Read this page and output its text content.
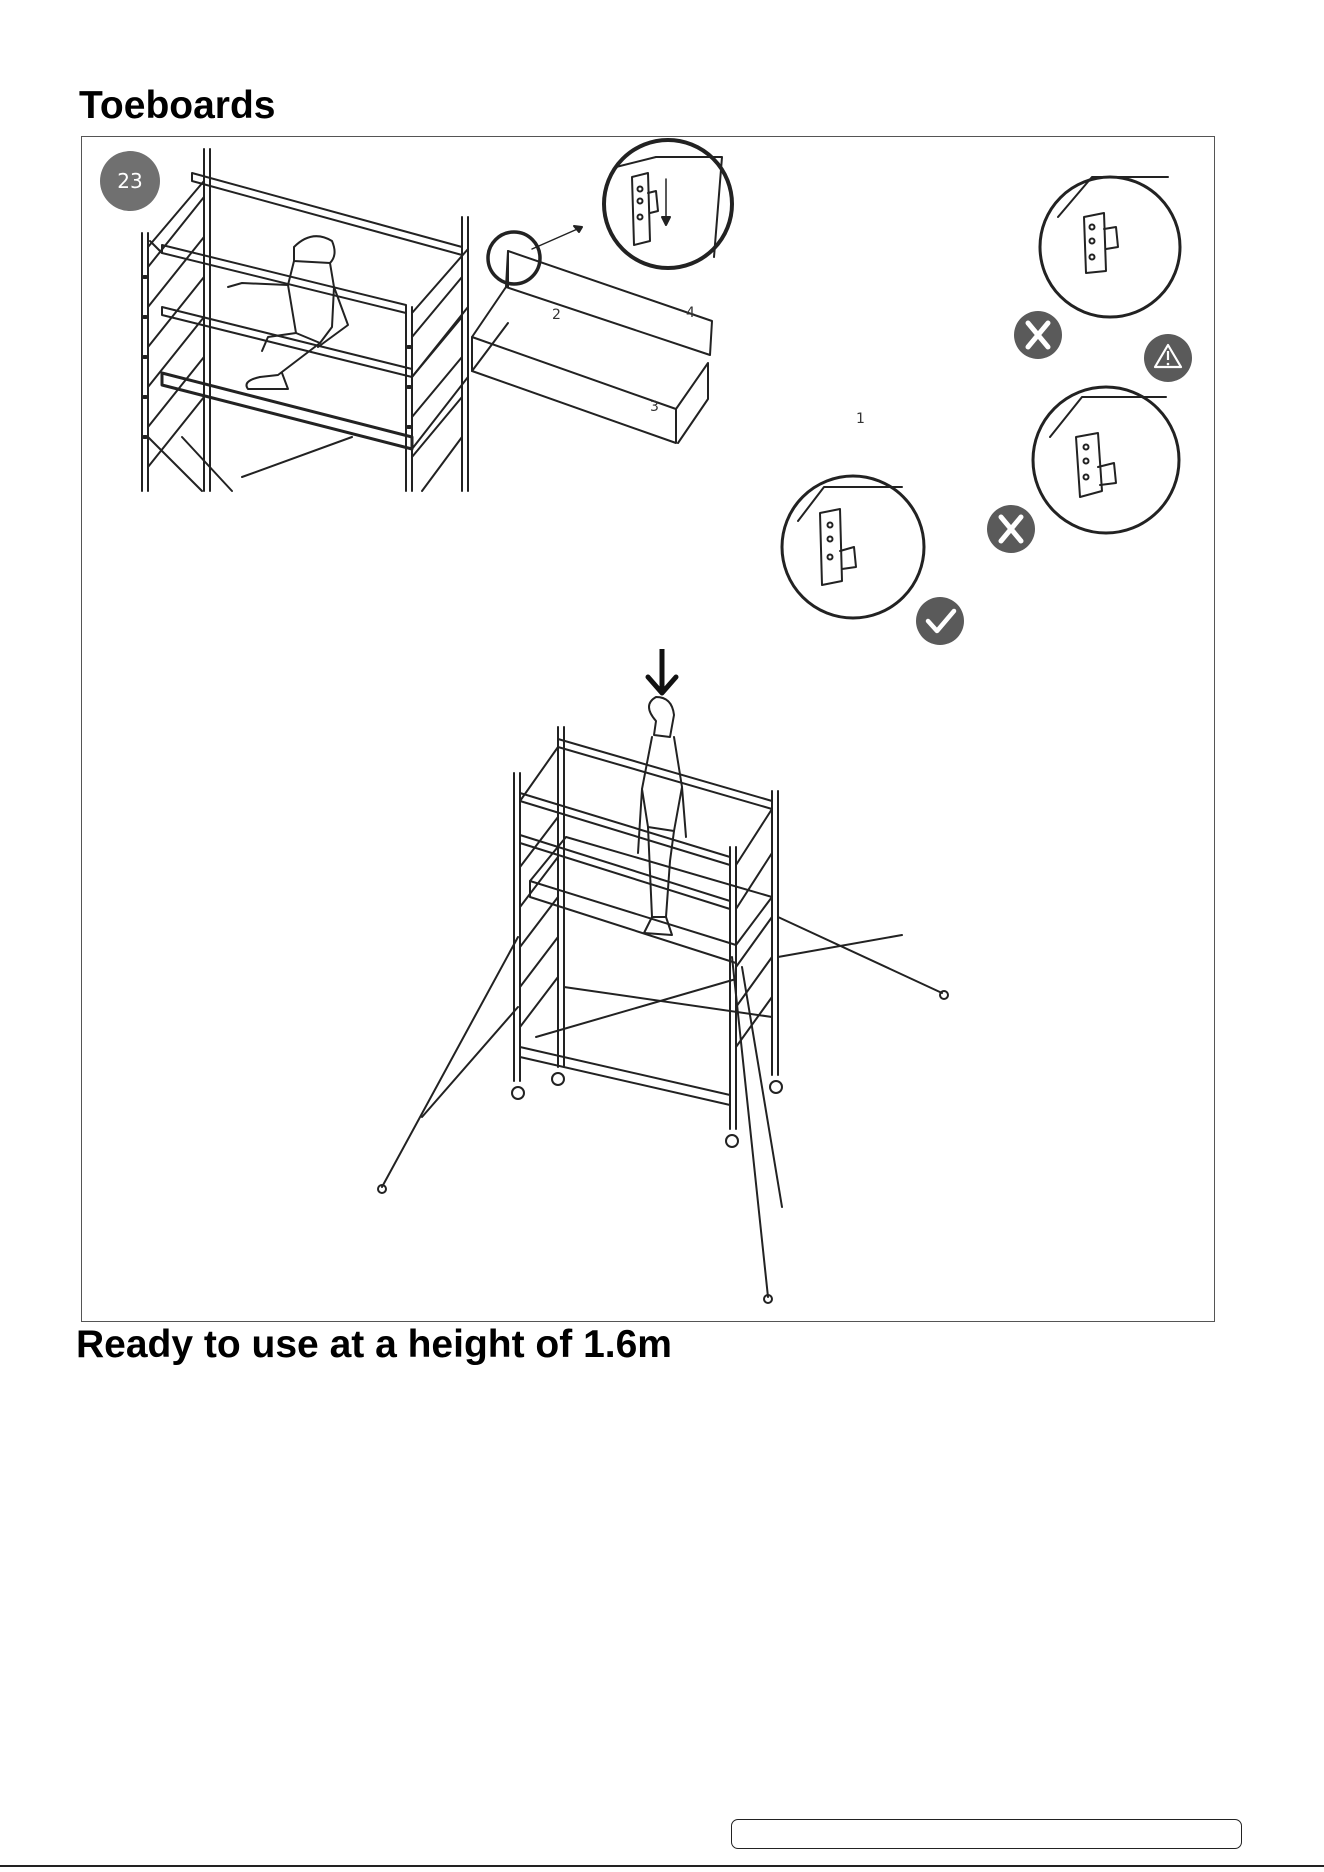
Toeboards
23
2	4
3
1
Ready to use at a height of 1.6m
